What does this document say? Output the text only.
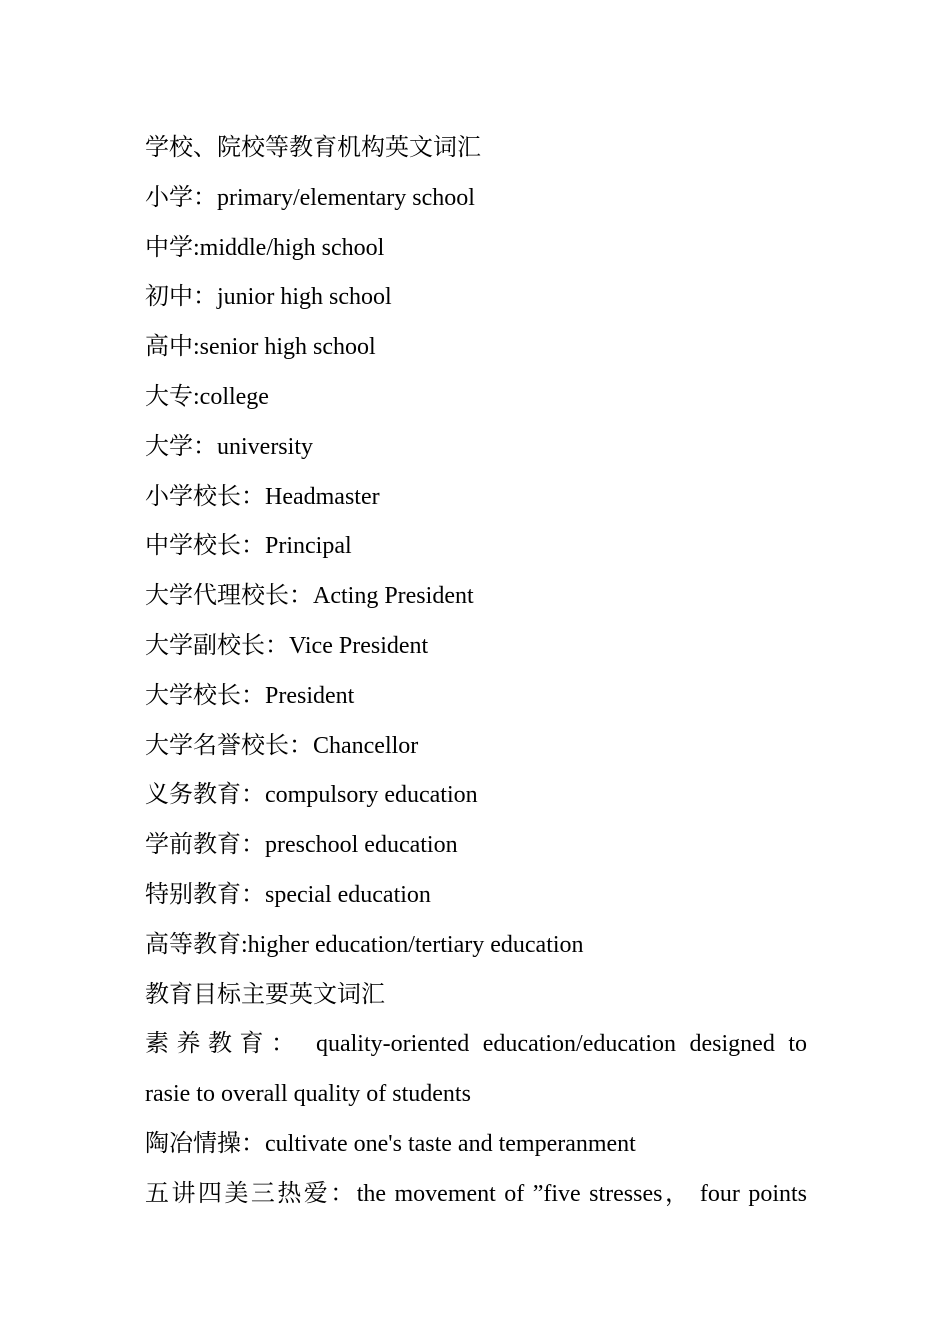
学校、院校等教育机构英文词汇

小学：primary/elementary school

中学:middle/high school

初中：junior high school

高中:senior high school

大专:college

大学：university

小学校长：Headmaster

中学校长：Principal

大学代理校长：Acting President

大学副校长：Vice President

大学校长：President

大学名誉校长：Chancellor

义务教育：compulsory education

学前教育：preschool education

特别教育：special education

高等教育:higher education/tertiary education

教育目标主要英文词汇

素养教育： quality-oriented education/education designed to

rasie to overall quality of students

陶冶情操：cultivate one's taste and temperanment

五讲四美三热爱：the movement of ”five stresses， four points
